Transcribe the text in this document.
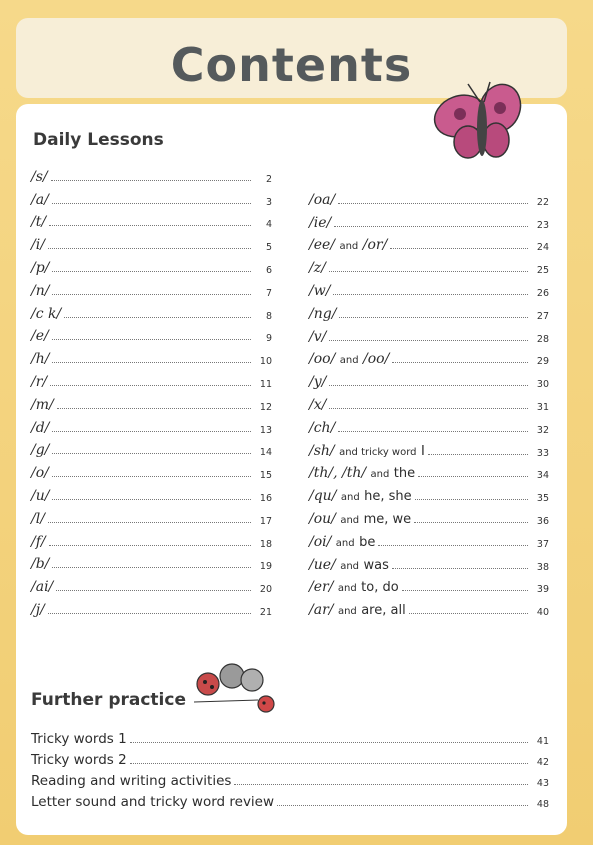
Contents
Daily Lessons
/s/	2
/a/	3
/t/	4
/i/	5
/p/	6
/n/	7
/c k/	8
/e/	9
/h/	10
/r/	11
/m/	12
/d/	13
/g/	14
/o/	15
/u/	16
/l/	17
/f/	18
/b/	19
/ai/	20
/j/	21
/oa/	22
/ie/	23
/ee/ and /or/	24
/z/	25
/w/	26
/ng/	27
/v/	28
/oo/ and /oo/	29
/y/	30
/x/	31
/ch/	32
/sh/ and tricky word I	33
/th/, /th/ and the	34
/qu/ and he, she	35
/ou/ and me, we	36
/oi/ and be	37
/ue/ and was	38
/er/ and to, do	39
/ar/ and are, all	40
Further practice
Tricky words 1	41
Tricky words 2	42
Reading and writing activities	43
Letter sound and tricky word review	48
